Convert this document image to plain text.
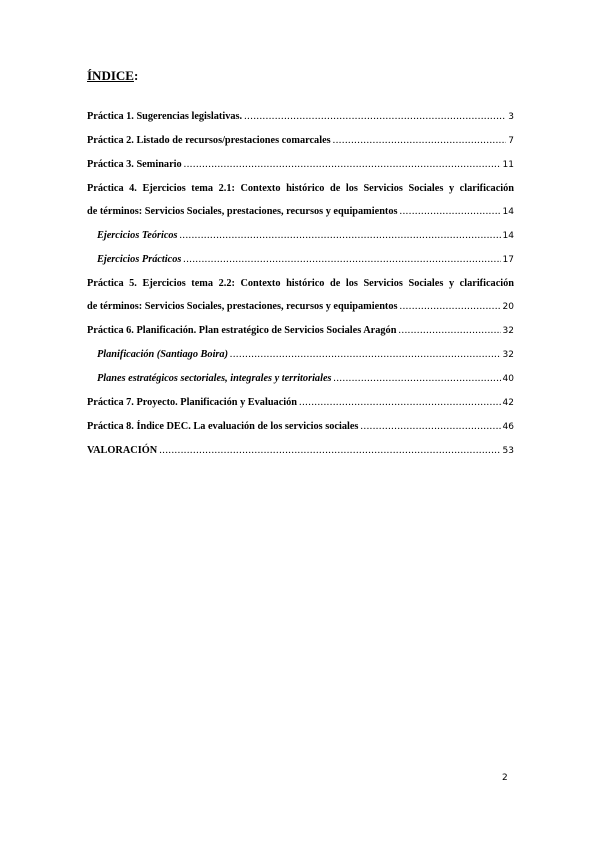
ÍNDICE:
Práctica 1. Sugerencias legislativas. .....	3
Práctica 2. Listado de recursos/prestaciones comarcales .....	7
Práctica 3. Seminario .....	11
Práctica 4. Ejercicios tema 2.1: Contexto histórico de los Servicios Sociales y clarificación
de términos: Servicios Sociales, prestaciones, recursos y equipamientos .....	14
Ejercicios Teóricos .....	14
Ejercicios Prácticos .....	17
Práctica 5. Ejercicios tema 2.2: Contexto histórico de los Servicios Sociales y clarificación
de términos: Servicios Sociales, prestaciones, recursos y equipamientos .....	20
Práctica 6. Planificación. Plan estratégico de Servicios Sociales Aragón .....	32
Planificación (Santiago Boira) .....	32
Planes estratégicos sectoriales, integrales y territoriales .....	40
Práctica 7. Proyecto. Planificación y Evaluación .....	42
Práctica 8. Índice DEC. La evaluación de los servicios sociales .....	46
VALORACIÓN .....	53
2
